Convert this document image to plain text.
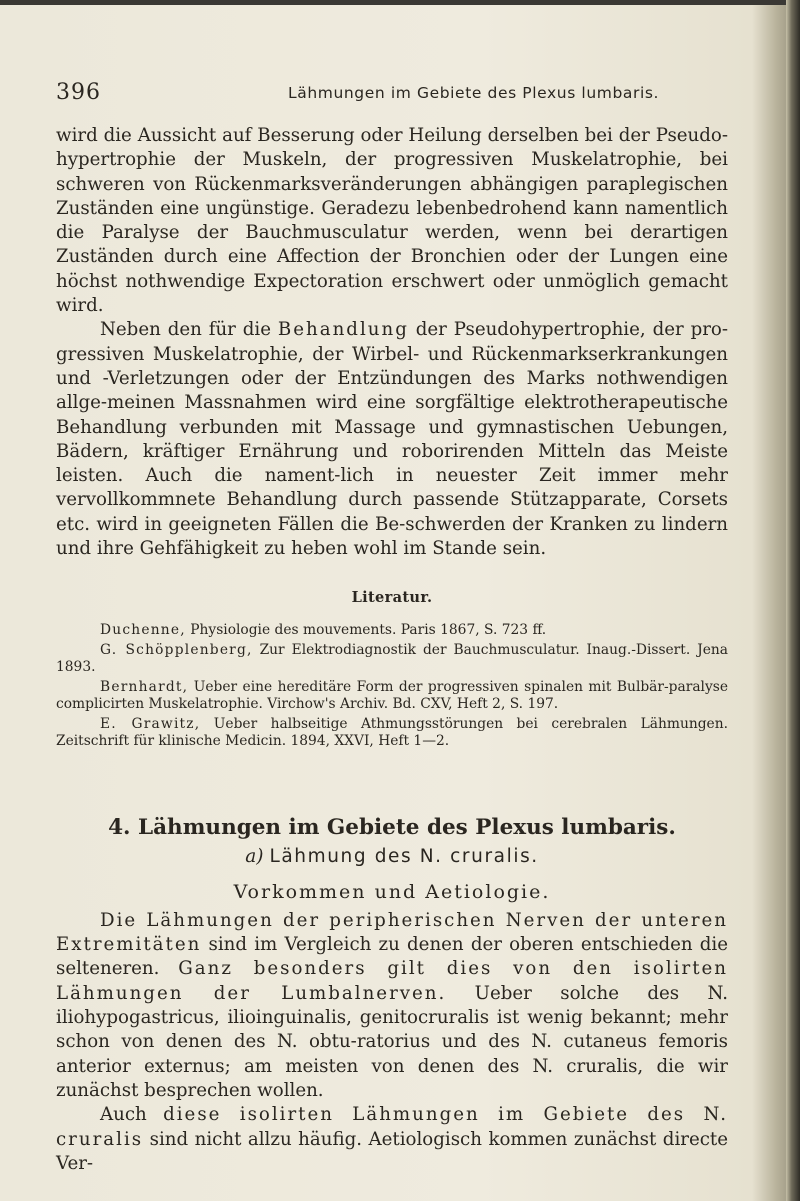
396	Lähmungen im Gebiete des Plexus lumbaris.

wird die Aussicht auf Besserung oder Heilung derselben bei der Pseudo-hypertrophie der Muskeln, der progressiven Muskelatrophie, bei schweren von Rückenmarksveränderungen abhängigen paraplegischen Zuständen eine ungünstige. Geradezu lebenbedrohend kann namentlich die Paralyse der Bauchmusculatur werden, wenn bei derartigen Zuständen durch eine Affection der Bronchien oder der Lungen eine höchst nothwendige Expectoration erschwert oder unmöglich gemacht wird.

Neben den für die Behandlung der Pseudohypertrophie, der pro-gressiven Muskelatrophie, der Wirbel- und Rückenmarkserkrankungen und -Verletzungen oder der Entzündungen des Marks nothwendigen allge-meinen Massnahmen wird eine sorgfältige elektrotherapeutische Behandlung verbunden mit Massage und gymnastischen Uebungen, Bädern, kräftiger Ernährung und roborirenden Mitteln das Meiste leisten. Auch die nament-lich in neuester Zeit immer mehr vervollkommnete Behandlung durch passende Stützapparate, Corsets etc. wird in geeigneten Fällen die Be-schwerden der Kranken zu lindern und ihre Gehfähigkeit zu heben wohl im Stande sein.

Literatur.

Duchenne, Physiologie des mouvements. Paris 1867, S. 723 ff.

G. Schöpplenberg, Zur Elektrodiagnostik der Bauchmusculatur. Inaug.-Dissert. Jena 1893.

Bernhardt, Ueber eine hereditäre Form der progressiven spinalen mit Bulbär-paralyse complicirten Muskelatrophie. Virchow's Archiv. Bd. CXV, Heft 2, S. 197.

E. Grawitz, Ueber halbseitige Athmungsstörungen bei cerebralen Lähmungen. Zeitschrift für klinische Medicin. 1894, XXVI, Heft 1—2.

4. Lähmungen im Gebiete des Plexus lumbaris.
a) Lähmung des N. cruralis.
Vorkommen und Aetiologie.

Die Lähmungen der peripherischen Nerven der unteren Extremitäten sind im Vergleich zu denen der oberen entschieden die selteneren. Ganz besonders gilt dies von den isolirten Lähmungen der Lumbalnerven. Ueber solche des N. iliohypogastricus, ilioinguinalis, genitocruralis ist wenig bekannt; mehr schon von denen des N. obtu-ratorius und des N. cutaneus femoris anterior externus; am meisten von denen des N. cruralis, die wir zunächst besprechen wollen.

Auch diese isolirten Lähmungen im Gebiete des N. cruralis sind nicht allzu häufig. Aetiologisch kommen zunächst directe Ver-
